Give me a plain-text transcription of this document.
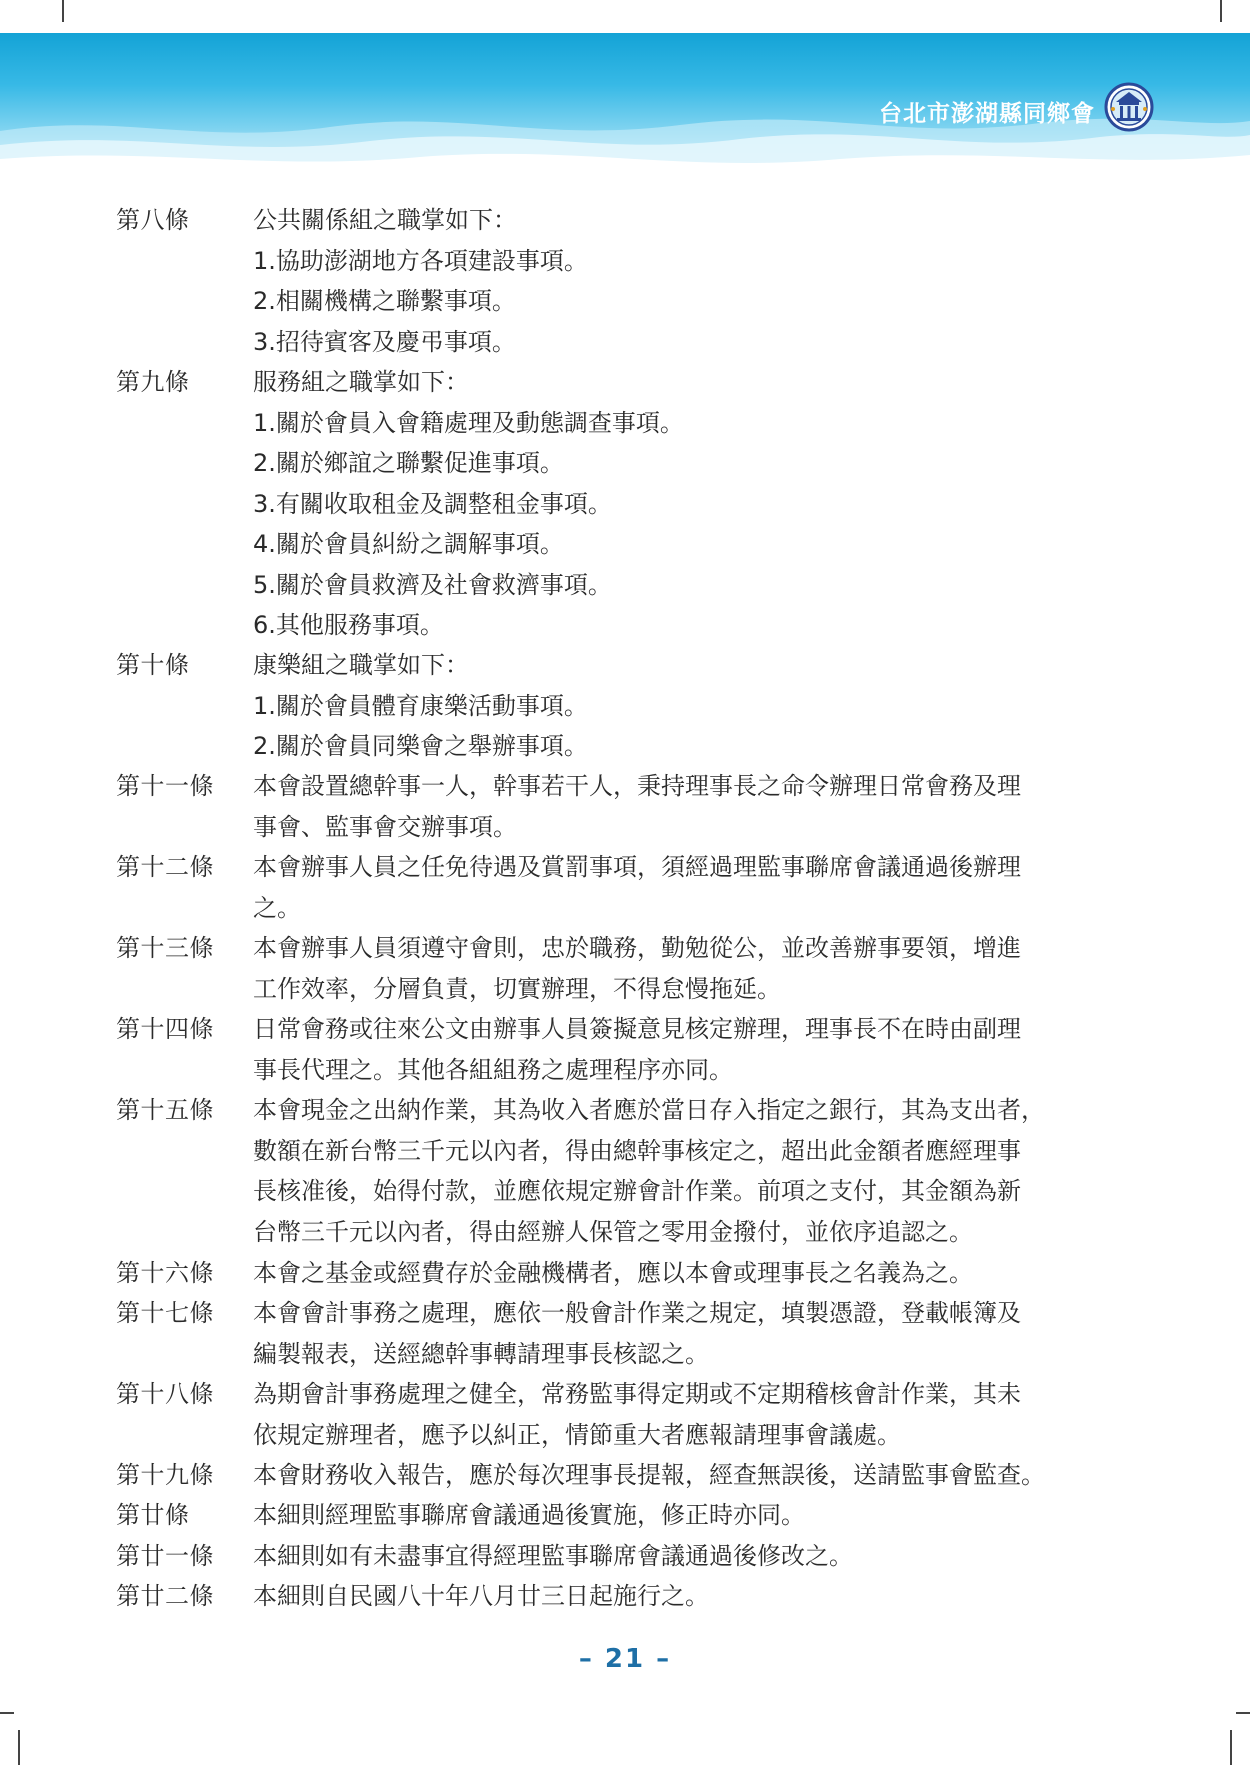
台北市澎湖縣同鄉會
第八條	公共關係組之職掌如下：
1.協助澎湖地方各項建設事項。
2.相關機構之聯繫事項。
3.招待賓客及慶弔事項。
第九條	服務組之職掌如下：
1.關於會員入會籍處理及動態調查事項。
2.關於鄉誼之聯繫促進事項。
3.有關收取租金及調整租金事項。
4.關於會員糾紛之調解事項。
5.關於會員救濟及社會救濟事項。
6.其他服務事項。
第十條	康樂組之職掌如下：
1.關於會員體育康樂活動事項。
2.關於會員同樂會之舉辦事項。
第十一條 本會設置總幹事一人，幹事若干人，秉持理事長之命令辦理日常會務及理
事會、監事會交辦事項。
第十二條 本會辦事人員之任免待遇及賞罰事項，須經過理監事聯席會議通過後辦理
之。
第十三條 本會辦事人員須遵守會則，忠於職務，勤勉從公，並改善辦事要領，增進
工作效率，分層負責，切實辦理，不得怠慢拖延。
第十四條 日常會務或往來公文由辦事人員簽擬意見核定辦理，理事長不在時由副理
事長代理之。其他各組組務之處理程序亦同。
第十五條 本會現金之出納作業，其為收入者應於當日存入指定之銀行，其為支出者，
數額在新台幣三千元以內者，得由總幹事核定之，超出此金額者應經理事
長核准後，始得付款，並應依規定辦會計作業。前項之支付，其金額為新
台幣三千元以內者，得由經辦人保管之零用金撥付，並依序追認之。
第十六條 本會之基金或經費存於金融機構者，應以本會或理事長之名義為之。
第十七條 本會會計事務之處理，應依一般會計作業之規定，填製憑證，登載帳簿及
編製報表，送經總幹事轉請理事長核認之。
第十八條 為期會計事務處理之健全，常務監事得定期或不定期稽核會計作業，其未
依規定辦理者，應予以糾正，情節重大者應報請理事會議處。
第十九條 本會財務收入報告，應於每次理事長提報，經查無誤後，送請監事會監查。
第廿條	本細則經理監事聯席會議通過後實施，修正時亦同。
第廿一條 本細則如有未盡事宜得經理監事聯席會議通過後修改之。
第廿二條 本細則自民國八十年八月廿三日起施行之。
– 21 –
